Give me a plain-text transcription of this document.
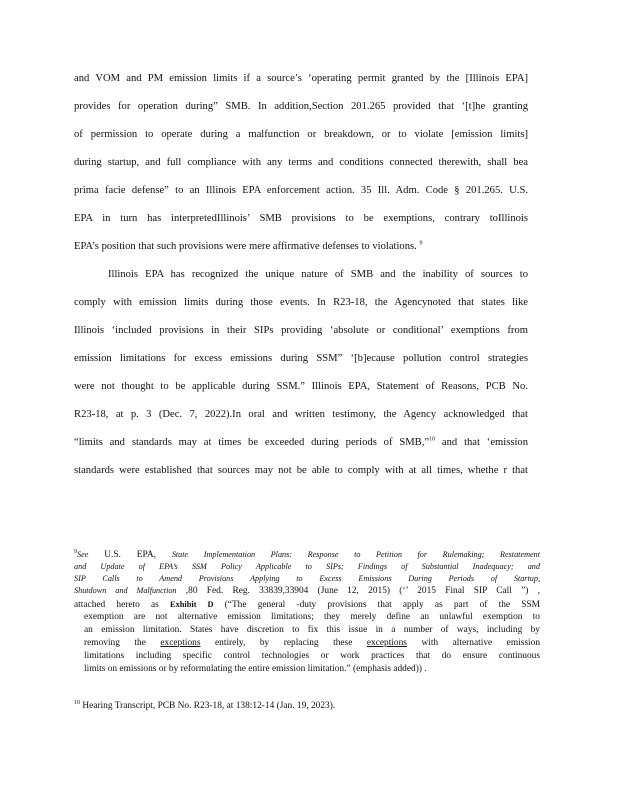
and VOM and PM emission limits if a source’s ‘operating permit granted by the [Illinois EPA]
provides for operation during” SMB. In addition,Section 201.265 provided that ‘[t]he granting
of permission to operate during a malfunction or breakdown, or to violate [emission limits]
during startup, and full compliance with any terms and conditions connected therewith, shall bea
prima facie defense” to an Illinois EPA enforcement action. 35 Ill. Adm. Code § 201.265. U.S.
EPA in turn has interpretedIllinois’ SMB provisions to be exemptions, contrary toIllinois
EPA’s position that such provisions were mere affirmative defenses to violations. $^9$
Illinois EPA has recognized the unique nature of SMB and the inability of sources to
comply with emission limits during those events. In R23-18, the Agencynoted that states like
Illinois ‘included provisions in their SIPs providing ‘absolute or conditional’ exemptions from
emission limitations for excess emissions during SSM” ‘[b]ecause pollution control strategies
were not thought to be applicable during SSM.” Illinois EPA, Statement of Reasons, PCB No.
R23-18, at p. 3 (Dec. 7, 2022).In oral and written testimony, the Agency acknowledged that
“limits and standards may at times be exceeded during periods of SMB,”$^{10}$ and that ‘emission
standards were established that sources may not be able to comply with at all times, whethe r that
$^9$See U.S. EPA, State Implementation Plans: Response to Petition for Rulemaking; Restatement
and Update of EPA’s SSM Policy Applicable to SIPs; Findings of Substantial Inadequacy; and
SIP Calls to Amend Provisions Applying to Excess Emissions During Periods of Startup,
Shutdown and Malfunction ,80 Fed. Reg. 33839,33904 (June 12, 2015) (‘’ 2015 Final SIP Call ”) ,
attached hereto as Exhibit D (“The general -duty provisions that apply as part of the SSM
exemption are not alternative emission limitations; they merely define an unlawful exemption to
an emission limitation. States have discretion to fix this issue in a number of ways, including by
removing the exceptions entirely, by replacing these exceptions with alternative emission
limitations including specific control technologies or work practices that do ensure continuous
limits on emissions or by reformulating the entire emission limitation.” (emphasis added)) .
$^{10}$ Hearing Transcript, PCB No. R23-18, at 138:12-14 (Jan. 19, 2023).
